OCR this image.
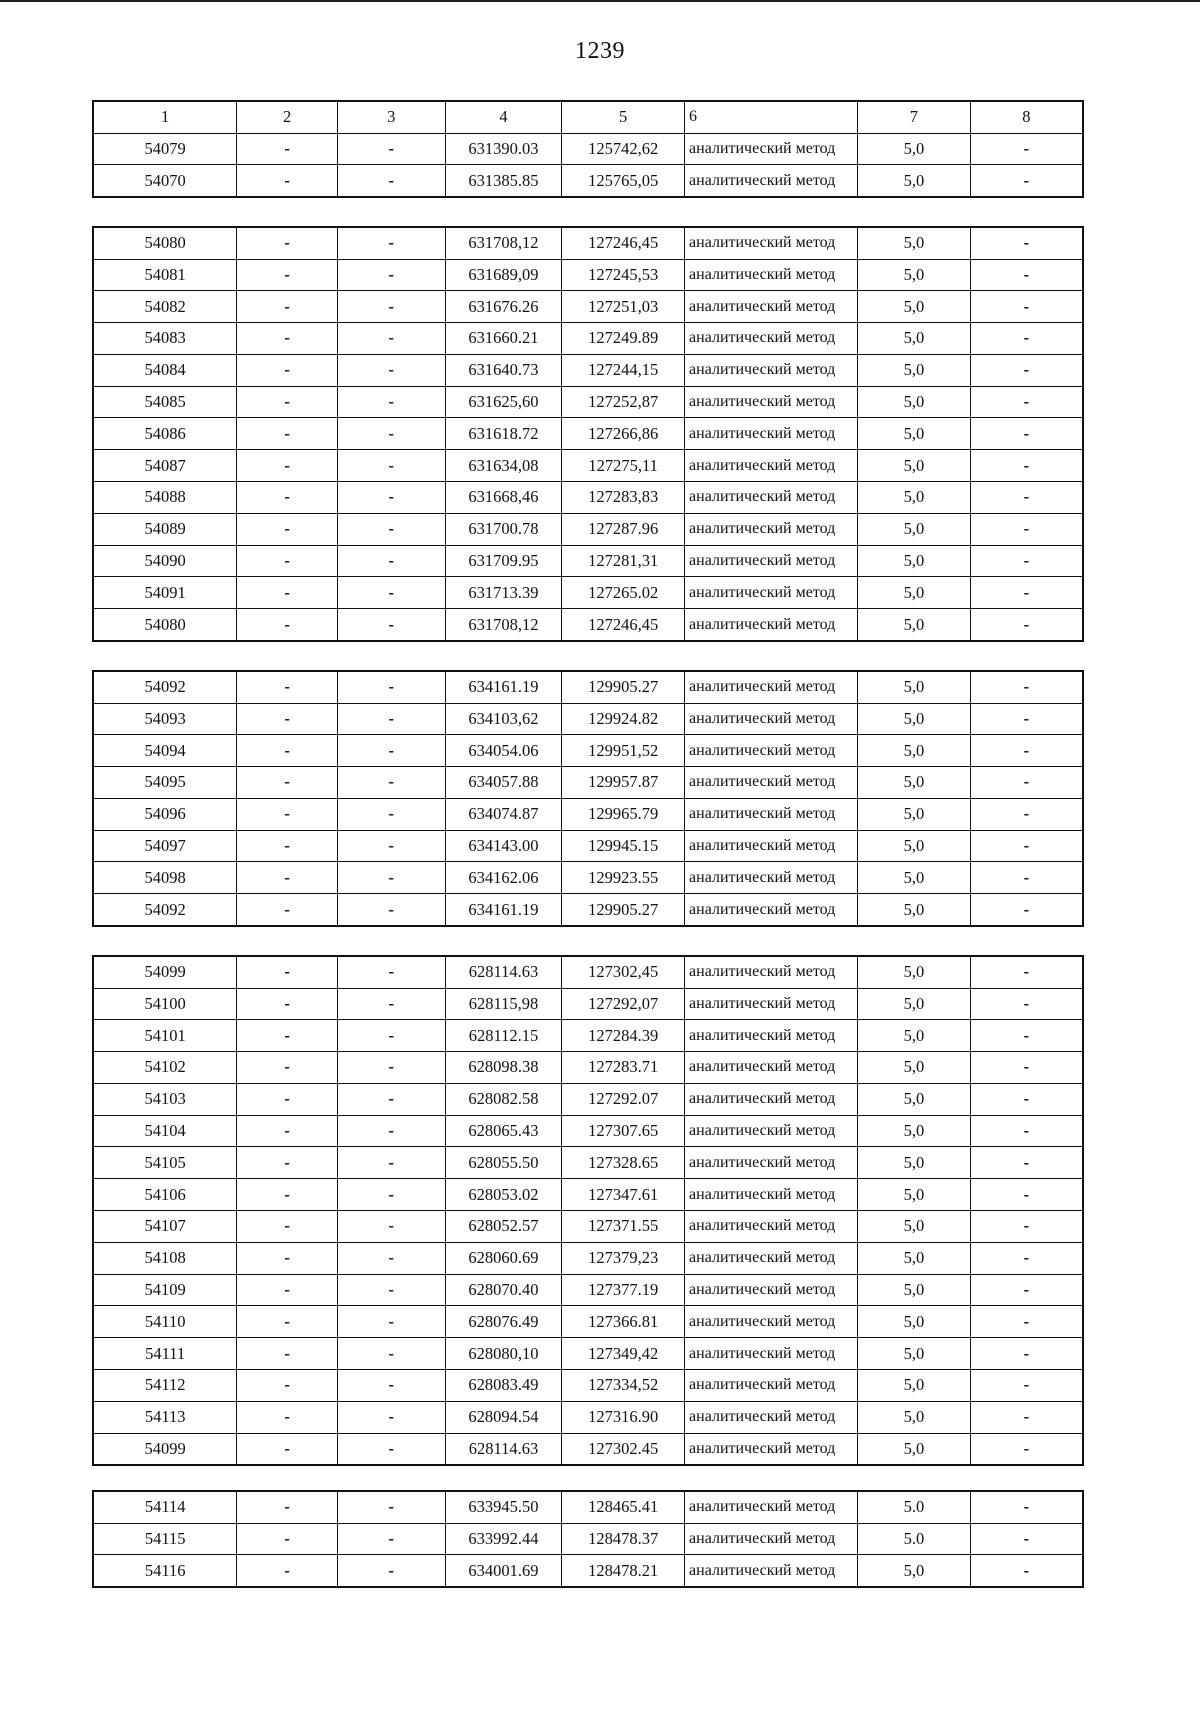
1239
1	2	3	4	5	6	7	8
54079	-	-	631390.03	125742,62	аналитический метод	5,0	-
54070	-	-	631385.85	125765,05	аналитический метод	5,0	-
54080	-	-	631708,12	127246,45	аналитический метод	5,0	-
54081	-	-	631689,09	127245,53	аналитический метод	5,0	-
54082	-	-	631676.26	127251,03	аналитический метод	5,0	-
54083	-	-	631660.21	127249.89	аналитический метод	5,0	-
54084	-	-	631640.73	127244,15	аналитический метод	5,0	-
54085	-	-	631625,60	127252,87	аналитический метод	5,0	-
54086	-	-	631618.72	127266,86	аналитический метод	5,0	-
54087	-	-	631634,08	127275,11	аналитический метод	5,0	-
54088	-	-	631668,46	127283,83	аналитический метод	5,0	-
54089	-	-	631700.78	127287.96	аналитический метод	5,0	-
54090	-	-	631709.95	127281,31	аналитический метод	5,0	-
54091	-	-	631713.39	127265.02	аналитический метод	5,0	-
54080	-	-	631708,12	127246,45	аналитический метод	5,0	-
54092	-	-	634161.19	129905.27	аналитический метод	5,0	-
54093	-	-	634103,62	129924.82	аналитический метод	5,0	-
54094	-	-	634054.06	129951,52	аналитический метод	5,0	-
54095	-	-	634057.88	129957.87	аналитический метод	5,0	-
54096	-	-	634074.87	129965.79	аналитический метод	5,0	-
54097	-	-	634143.00	129945.15	аналитический метод	5,0	-
54098	-	-	634162.06	129923.55	аналитический метод	5,0	-
54092	-	-	634161.19	129905.27	аналитический метод	5,0	-
54099	-	-	628114.63	127302,45	аналитический метод	5,0	-
54100	-	-	628115,98	127292,07	аналитический метод	5,0	-
54101	-	-	628112.15	127284.39	аналитический метод	5,0	-
54102	-	-	628098.38	127283.71	аналитический метод	5,0	-
54103	-	-	628082.58	127292.07	аналитический метод	5,0	-
54104	-	-	628065.43	127307.65	аналитический метод	5,0	-
54105	-	-	628055.50	127328.65	аналитический метод	5,0	-
54106	-	-	628053.02	127347.61	аналитический метод	5,0	-
54107	-	-	628052.57	127371.55	аналитический метод	5,0	-
54108	-	-	628060.69	127379,23	аналитический метод	5,0	-
54109	-	-	628070.40	127377.19	аналитический метод	5,0	-
54110	-	-	628076.49	127366.81	аналитический метод	5,0	-
54111	-	-	628080,10	127349,42	аналитический метод	5,0	-
54112	-	-	628083.49	127334,52	аналитический метод	5,0	-
54113	-	-	628094.54	127316.90	аналитический метод	5,0	-
54099	-	-	628114.63	127302.45	аналитический метод	5,0	-
54114	-	-	633945.50	128465.41	аналитический метод	5.0	-
54115	-	-	633992.44	128478.37	аналитический метод	5.0	-
54116	-	-	634001.69	128478.21	аналитический метод	5,0	-
